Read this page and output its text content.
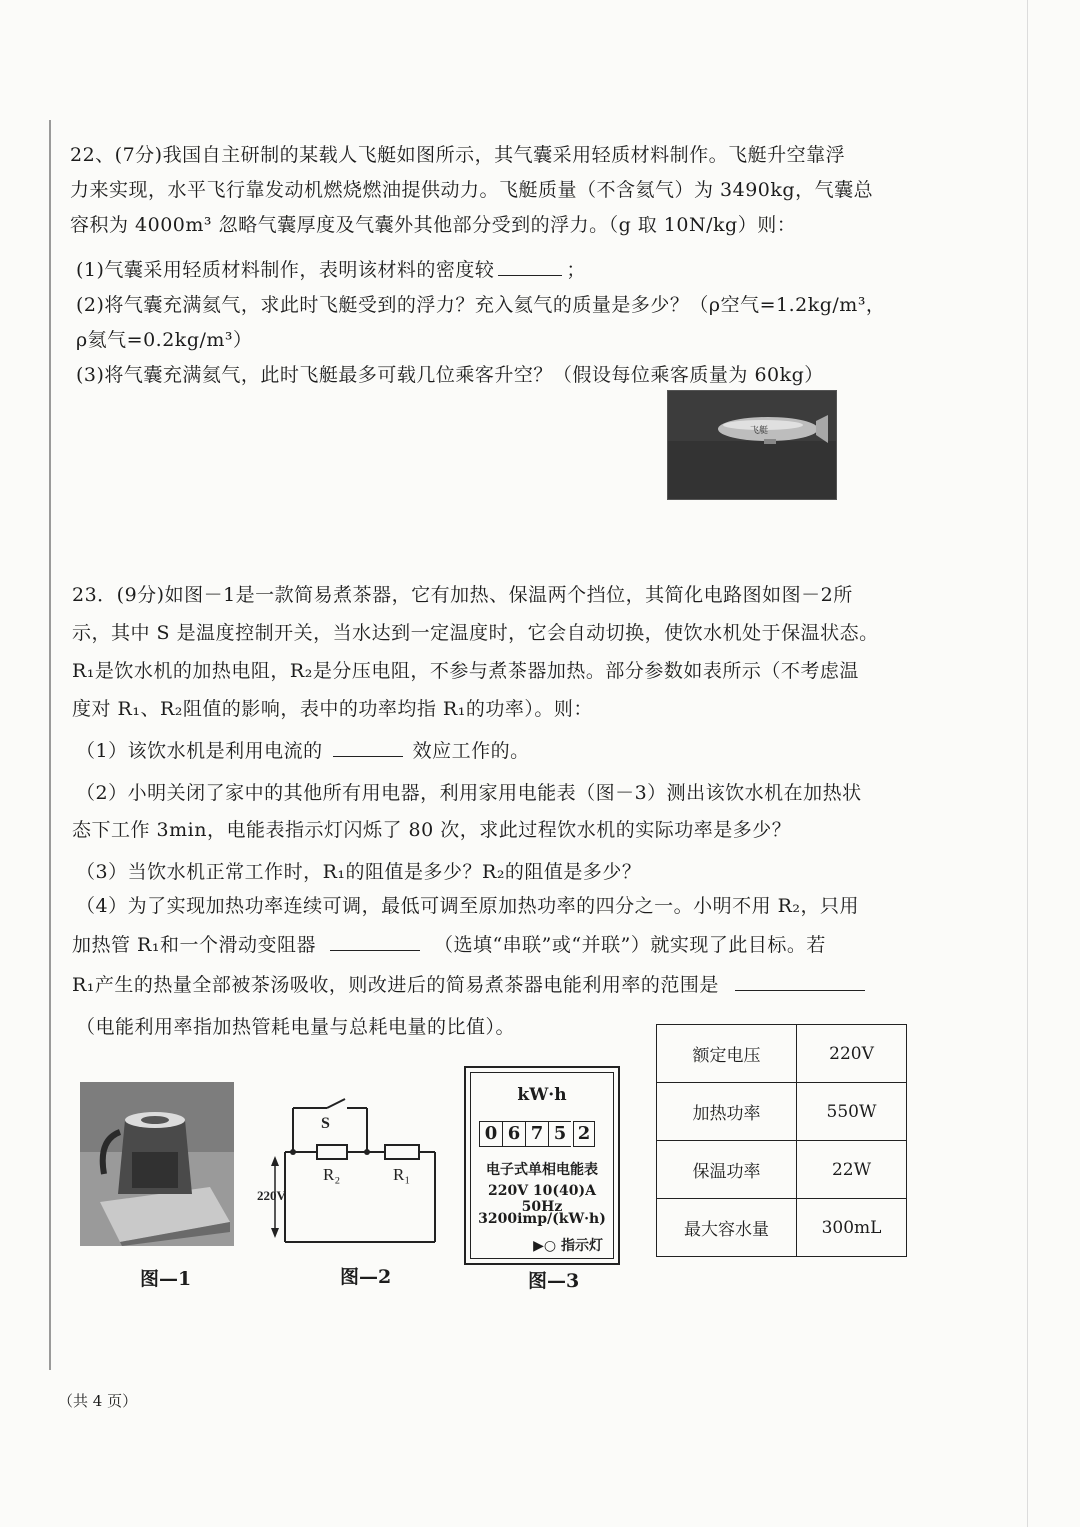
22、(7分)我国自主研制的某载人飞艇如图所示，其气囊采用轻质材料制作。飞艇升空靠浮
力来实现，水平飞行靠发动机燃烧燃油提供动力。飞艇质量（不含氦气）为 3490kg，气囊总
容积为 4000m³ 忽略气囊厚度及气囊外其他部分受到的浮力。（g 取 10N/kg）则：
(1)气囊采用轻质材料制作，表明该材料的密度较	；
(2)将气囊充满氦气，求此时飞艇受到的浮力？充入氦气的质量是多少？（ρ空气=1.2kg/m³，
ρ氦气=0.2kg/m³）
(3)将气囊充满氦气，此时飞艇最多可载几位乘客升空？（假设每位乘客质量为 60kg）
飞艇
23．(9分)如图－1是一款简易煮茶器，它有加热、保温两个挡位，其简化电路图如图－2所
示，其中 S 是温度控制开关，当水达到一定温度时，它会自动切换，使饮水机处于保温状态。
R₁是饮水机的加热电阻，R₂是分压电阻，不参与煮茶器加热。部分参数如表所示（不考虑温
度对 R₁、R₂阻值的影响，表中的功率均指 R₁的功率）。则：
（1）该饮水机是利用电流的	效应工作的。
（2）小明关闭了家中的其他所有用电器，利用家用电能表（图－3）测出该饮水机在加热状
态下工作 3min，电能表指示灯闪烁了 80 次，求此过程饮水机的实际功率是多少？
（3）当饮水机正常工作时，R₁的阻值是多少？R₂的阻值是多少？
（4）为了实现加热功率连续可调，最低可调至原加热功率的四分之一。小明不用 R₂，只用
加热管 R₁和一个滑动变阻器	（选填“串联”或“并联”）就实现了此目标。若
R₁产生的热量全部被茶汤吸收，则改进后的简易煮茶器电能利用率的范围是
（电能利用率指加热管耗电量与总耗电量的比值）。
图—1
S
R₂	R₁
220V
图—2
kW·h
0 6 7 5 2
电子式单相电能表
220V 10(40)A 50Hz
3200imp/(kW·h)
▶○ 指示灯
图—3
额定电压	220V
加热功率	550W
保温功率	22W
最大容水量	300mL
（共 4 页）
